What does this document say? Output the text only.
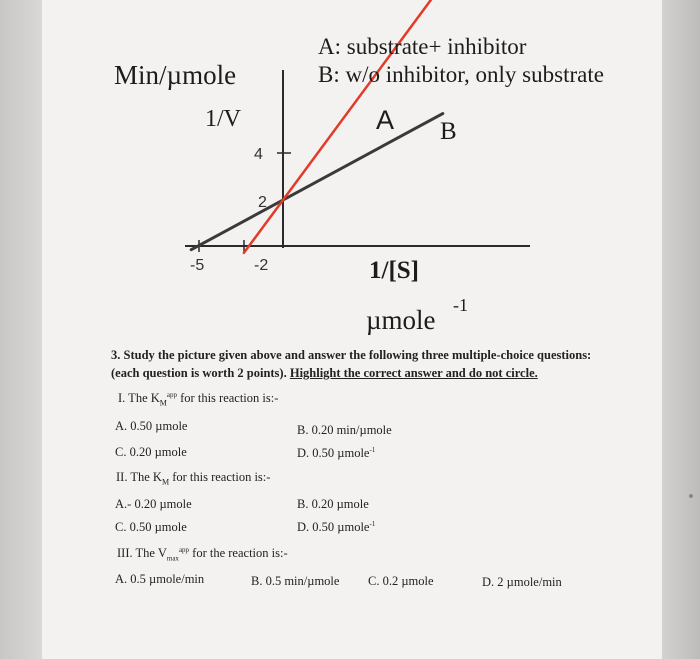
A: substrate+ inhibitor
B: w/o inhibitor, only substrate
Min/µmole
1/V	A B
4
2
-5	-2	1/[S]
µmole -1
3. Study the picture given above and answer the following three multiple-choice questions:
(each question is worth 2 points). Highlight the correct answer and do not circle.
I. The $K_M^{app}$ for this reaction is:-
A. 0.50 µmole	B. 0.20 min/µmole
C. 0.20 µmole	D. 0.50 µmole$^{-1}$
II. The $K_M$ for this reaction is:-
A.- 0.20 µmole	B. 0.20 µmole
C. 0.50 µmole	D. 0.50 µmole$^{-1}$
III. The $V_{max}^{app}$ for the reaction is:-
A. 0.5 µmole/min	B. 0.5 min/µmole C. 0.2 µmole	D. 2 µmole/min
